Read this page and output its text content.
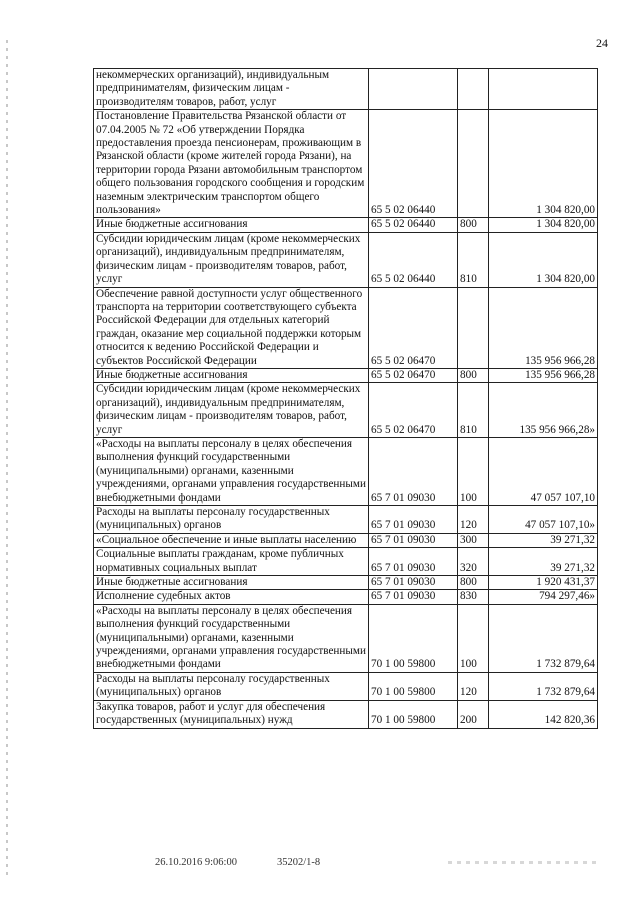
24
некоммерческих организаций), индивидуальным предпринимателям, физическим лицам - производителям товаров, работ, услуг			
Постановление Правительства Рязанской области от 07.04.2005 № 72 «Об утверждении Порядка предоставления проезда пенсионерам, проживающим в Рязанской области (кроме жителей города Рязани), на территории города Рязани автомобильным транспортом общего пользования городского сообщения и городским наземным электрическим транспортом общего пользования»	65 5 02 06440		1 304 820,00
Иные бюджетные ассигнования	65 5 02 06440	800	1 304 820,00
Субсидии юридическим лицам (кроме некоммерческих организаций), индивидуальным предпринимателям, физическим лицам - производителям товаров, работ, услуг	65 5 02 06440	810	1 304 820,00
Обеспечение равной доступности услуг общественного транспорта на территории соответствующего субъекта Российской Федерации для отдельных категорий граждан, оказание мер социальной поддержки которым относится к ведению Российской Федерации и субъектов Российской Федерации	65 5 02 06470		135 956 966,28
Иные бюджетные ассигнования	65 5 02 06470	800	135 956 966,28
Субсидии юридическим лицам (кроме некоммерческих организаций), индивидуальным предпринимателям, физическим лицам - производителям товаров, работ, услуг	65 5 02 06470	810	135 956 966,28»
«Расходы на выплаты персоналу в целях обеспечения выполнения функций государственными (муниципальными) органами, казенными учреждениями, органами управления государственными внебюджетными фондами	65 7 01 09030	100	47 057 107,10
Расходы на выплаты персоналу государственных (муниципальных) органов	65 7 01 09030	120	47 057 107,10»
«Социальное обеспечение и иные выплаты населению	65 7 01 09030	300	39 271,32
Социальные выплаты гражданам, кроме публичных нормативных социальных выплат	65 7 01 09030	320	39 271,32
Иные бюджетные ассигнования	65 7 01 09030	800	1 920 431,37
Исполнение судебных актов	65 7 01 09030	830	794 297,46»
«Расходы на выплаты персоналу в целях обеспечения выполнения функций государственными (муниципальными) органами, казенными учреждениями, органами управления государственными внебюджетными фондами	70 1 00 59800	100	1 732 879,64
Расходы на выплаты персоналу государственных (муниципальных) органов	70 1 00 59800	120	1 732 879,64
Закупка товаров, работ и услуг для обеспечения государственных (муниципальных) нужд	70 1 00 59800	200	142 820,36
26.10.2016 9:06:00	35202/1-8
